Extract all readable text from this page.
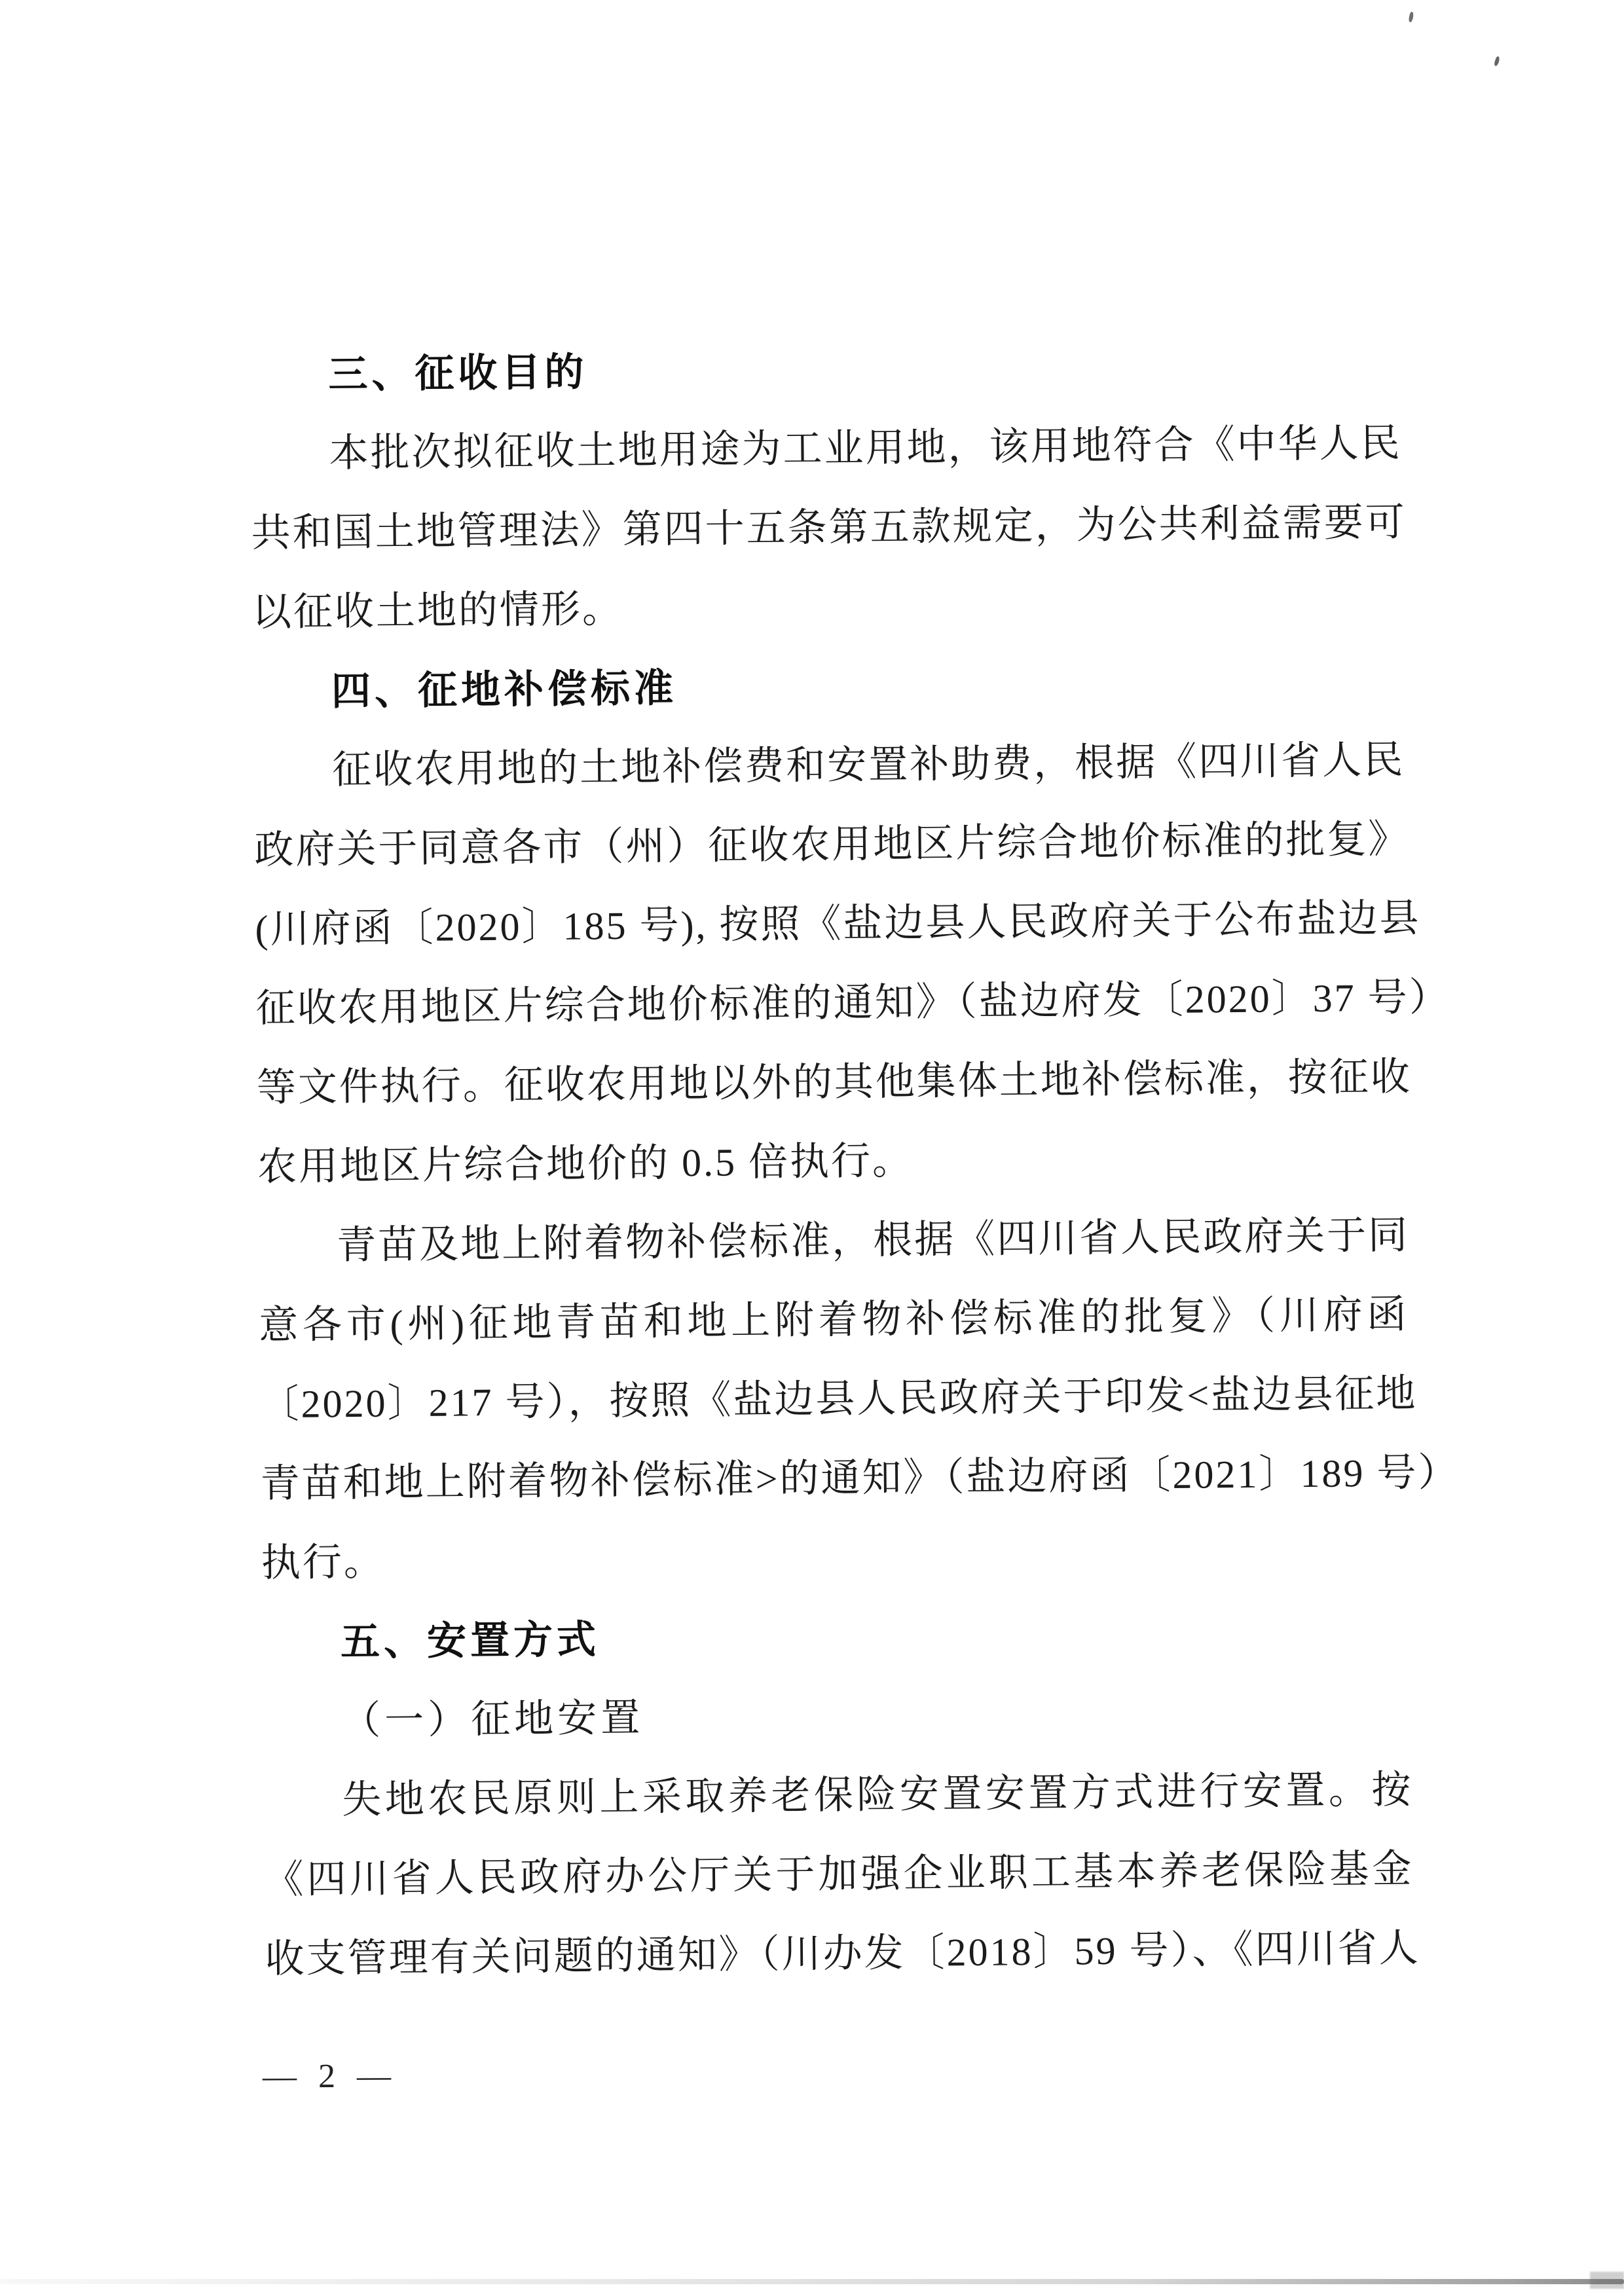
三、征收目的
本批次拟征收土地用途为工业用地，该用地符合《中华人民
共和国土地管理法》第四十五条第五款规定，为公共利益需要可
以征收土地的情形。
四、征地补偿标准
征收农用地的土地补偿费和安置补助费，根据《四川省人民
政府关于同意各市（州）征收农用地区片综合地价标准的批复》
(川府函〔2020〕185 号), 按照《盐边县人民政府关于公布盐边县
征收农用地区片综合地价标准的通知》（盐边府发〔2020〕37 号）
等文件执行。征收农用地以外的其他集体土地补偿标准，按征收
农用地区片综合地价的 0.5 倍执行。
青苗及地上附着物补偿标准，根据《四川省人民政府关于同
意各市(州)征地青苗和地上附着物补偿标准的批复》（川府函
〔2020〕217 号），按照《盐边县人民政府关于印发<盐边县征地
青苗和地上附着物补偿标准>的通知》（盐边府函〔2021〕189 号）
执行。
五、安置方式
（一）征地安置
失地农民原则上采取养老保险安置安置方式进行安置。按
《四川省人民政府办公厅关于加强企业职工基本养老保险基金
收支管理有关问题的通知》（川办发〔2018〕59 号）、《四川省人
— 2 —
